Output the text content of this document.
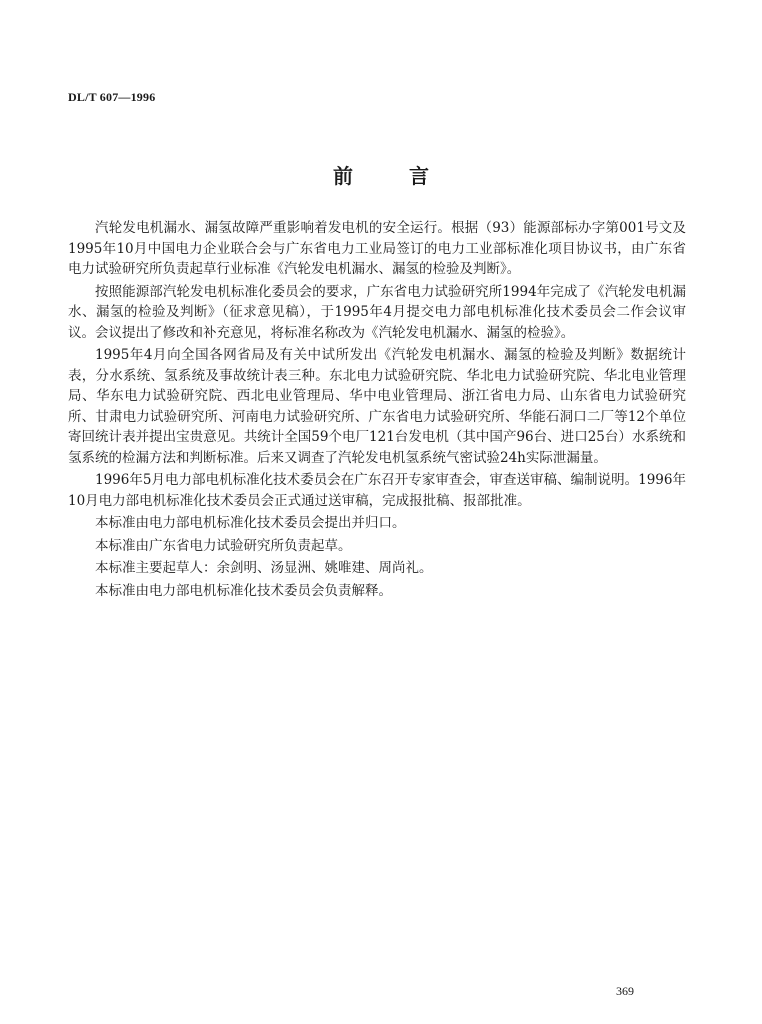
DL/T 607—1996
前	言

汽轮发电机漏水、漏氢故障严重影响着发电机的安全运行。根据（93）能源部标办字第001号文及1995年10月中国电力企业联合会与广东省电力工业局签订的电力工业部标准化项目协议书，由广东省电力试验研究所负责起草行业标准《汽轮发电机漏水、漏氢的检验及判断》。

按照能源部汽轮发电机标准化委员会的要求，广东省电力试验研究所1994年完成了《汽轮发电机漏水、漏氢的检验及判断》（征求意见稿），于1995年4月提交电力部电机标准化技术委员会二作会议审议。会议提出了修改和补充意见，将标准名称改为《汽轮发电机漏水、漏氢的检验》。

1995年4月向全国各网省局及有关中试所发出《汽轮发电机漏水、漏氢的检验及判断》数据统计表，分水系统、氢系统及事故统计表三种。东北电力试验研究院、华北电力试验研究院、华北电业管理局、华东电力试验研究院、西北电业管理局、华中电业管理局、浙江省电力局、山东省电力试验研究所、甘肃电力试验研究所、河南电力试验研究所、广东省电力试验研究所、华能石洞口二厂等12个单位寄回统计表并提出宝贵意见。共统计全国59个电厂121台发电机（其中国产96台、进口25台）水系统和氢系统的检漏方法和判断标准。后来又调查了汽轮发电机氢系统气密试验24h实际泄漏量。

1996年5月电力部电机标准化技术委员会在广东召开专家审查会，审查送审稿、编制说明。1996年10月电力部电机标准化技术委员会正式通过送审稿，完成报批稿、报部批准。

本标准由电力部电机标准化技术委员会提出并归口。

本标准由广东省电力试验研究所负责起草。

本标准主要起草人：余剑明、汤显洲、姚唯建、周尚礼。

本标准由电力部电机标准化技术委员会负责解释。

369
